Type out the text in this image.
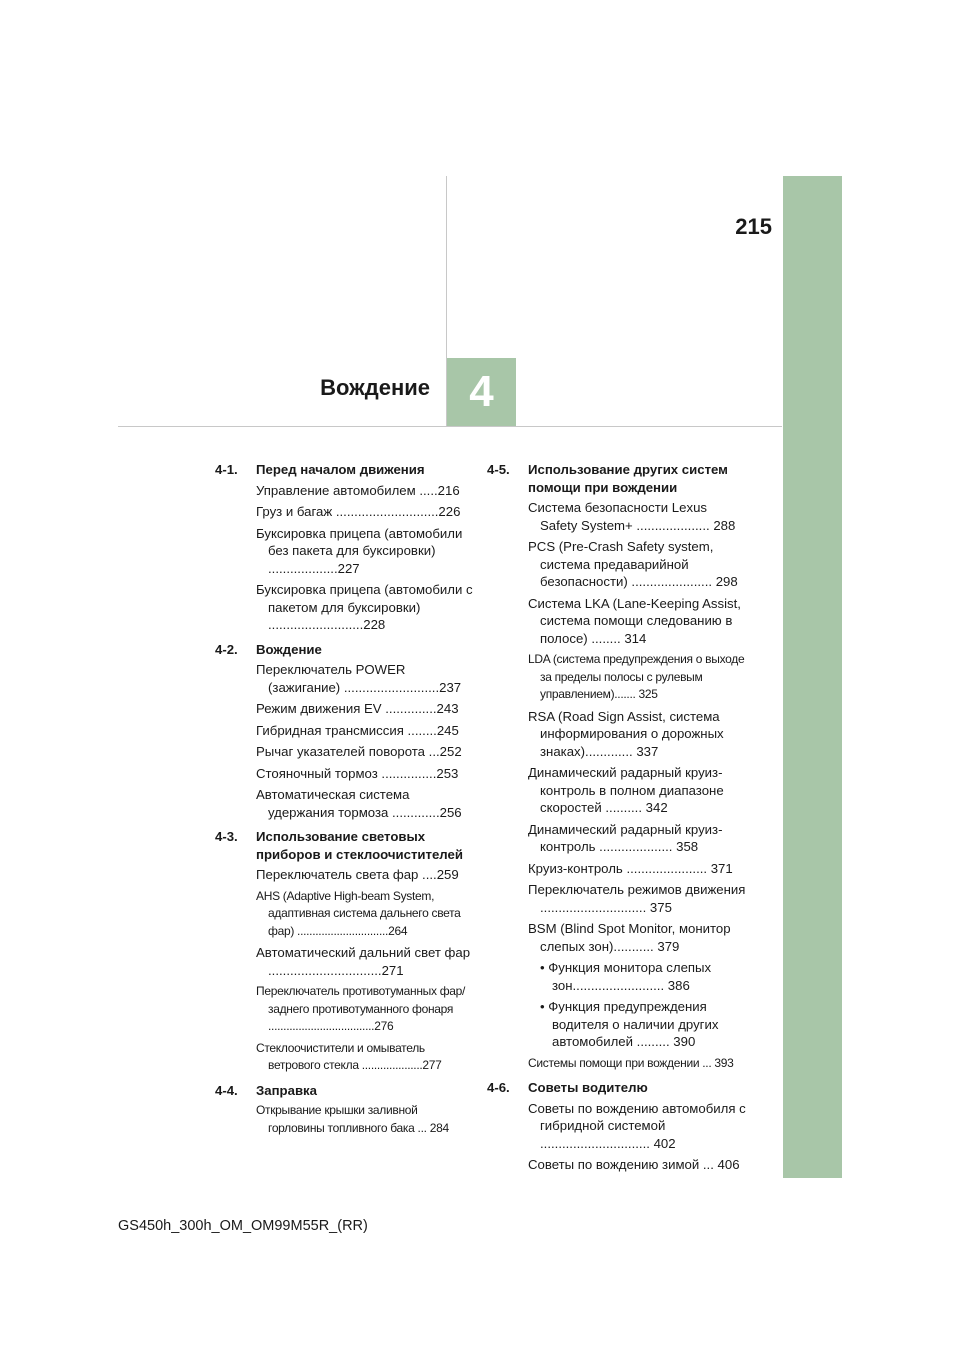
215
Вождение 4
4-1.	Перед началом движения
Управление автомобилем .....216
Груз и багаж ............................226
Буксировка прицепа (автомобили без пакета для буксировки) ...................227
Буксировка прицепа (автомобили с пакетом для буксировки) ..........................228
4-2.	Вождение
Переключатель POWER (зажигание) ..........................237
Режим движения EV ..............243
Гибридная трансмиссия ........245
Рычаг указателей поворота ...252
Стояночный тормоз ...............253
Автоматическая система удержания тормоза .............256
4-3.	Использование световых приборов и стеклоочистителей
Переключатель света фар ....259
AHS (Adaptive High-beam System, адаптивная система дальнего света фар) ..............................264
Автоматический дальний свет фар ...............................271
Переключатель противотуманных фар/заднего противотуманного фонаря ...................................276
Стеклоочистители и омыватель ветрового стекла ....................277
4-4.	Заправка
Открывание крышки заливной горловины топливного бака ... 284
4-5.	Использование других систем помощи при вождении
Система безопасности Lexus Safety System+ .................... 288
PCS (Pre-Crash Safety system, система предаварийной безопасности) ...................... 298
Система LKA (Lane-Keeping Assist, система помощи следованию в полосе) ........ 314
LDA (система предупреждения о выходе за пределы полосы с рулевым управлением)....... 325
RSA (Road Sign Assist, система информирования о дорожных знаках)............. 337
Динамический радарный круиз-контроль в полном диапазоне скоростей .......... 342
Динамический радарный круиз-контроль .................... 358
Круиз-контроль ...................... 371
Переключатель режимов движения ............................. 375
BSM (Blind Spot Monitor, монитор слепых зон)........... 379
• Функция монитора слепых зон......................... 386
• Функция предупреждения водителя о наличии других автомобилей ......... 390
Системы помощи при вождении ... 393
4-6.	Советы водителю
Советы по вождению автомобиля с гибридной системой .............................. 402
Советы по вождению зимой ... 406
GS450h_300h_OM_OM99M55R_(RR)
